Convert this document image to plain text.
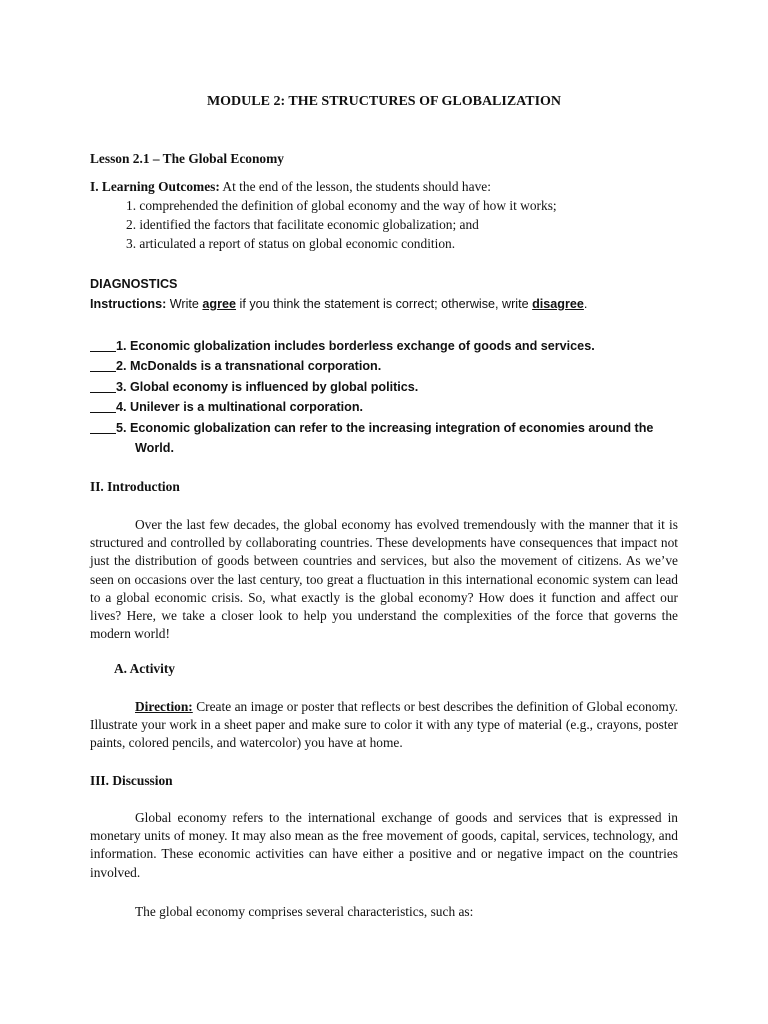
MODULE 2: THE STRUCTURES OF GLOBALIZATION
Lesson 2.1 – The Global Economy
I. Learning Outcomes: At the end of the lesson, the students should have:
1. comprehended the definition of global economy and the way of how it works;
2. identified the factors that facilitate economic globalization; and
3. articulated a report of status on global economic condition.
DIAGNOSTICS
Instructions: Write agree if you think the statement is correct; otherwise, write disagree.
1. Economic globalization includes borderless exchange of goods and services.
2. McDonalds is a transnational corporation.
3. Global economy is influenced by global politics.
4. Unilever is a multinational corporation.
5. Economic globalization can refer to the increasing integration of economies around the
World.
II. Introduction
Over the last few decades, the global economy has evolved tremendously with the manner that it is structured and controlled by collaborating countries. These developments have consequences that impact not just the distribution of goods between countries and services, but also the movement of citizens. As we’ve seen on occasions over the last century, too great a fluctuation in this international economic system can lead to a global economic crisis. So, what exactly is the global economy? How does it function and affect our lives? Here, we take a closer look to help you understand the complexities of the force that governs the modern world!
A. Activity
Direction: Create an image or poster that reflects or best describes the definition of Global economy. Illustrate your work in a sheet paper and make sure to color it with any type of material (e.g., crayons, poster paints, colored pencils, and watercolor) you have at home.
III. Discussion
Global economy refers to the international exchange of goods and services that is expressed in monetary units of money. It may also mean as the free movement of goods, capital, services, technology, and information. These economic activities can have either a positive and or negative impact on the countries involved.
The global economy comprises several characteristics, such as:
